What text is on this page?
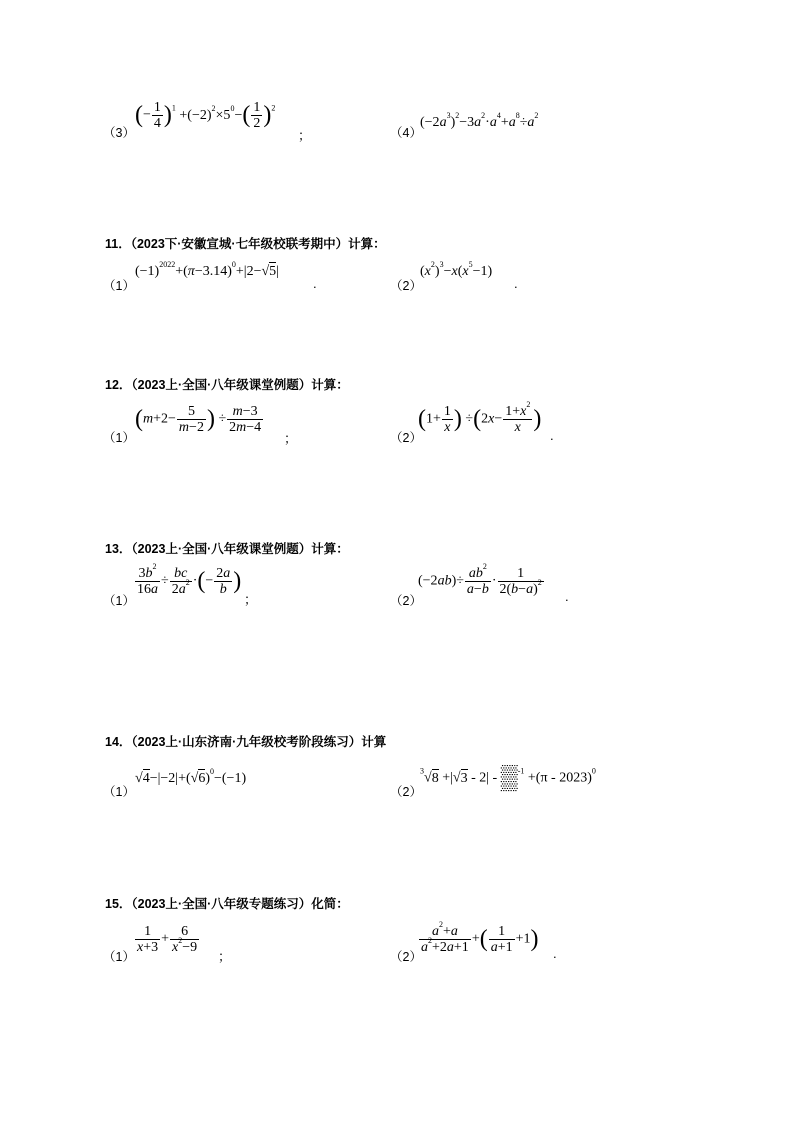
（3）
(− $\frac{1}{4} )^1 +(-2)^2\times 5^0-( \frac{1}{2} )^2$
；	（4）
$(-2a^3)^2-3a^2\cdot a^4+a^8\div a^2$
11．（2023下·安徽宣城·七年级校联考期中）计算：
（1）
$(-1)^{2022}+(\pi-3.14)^0+|2-√5|$
.	（2）
$(x^2)^3-x(x^5-1)$
.
12．（2023上·全国·八年级课堂例题）计算：
（1）
($m+2- \frac{5}{m-2}$ ) ÷ $\frac{m-3}{2m-4}$
；	（2）
($1+ \frac{1}{x}$ ) $\div(2x- \frac{1+x^2}{x}$ )
.
13．（2023上·全国·八年级课堂例题）计算：
（1）
$\frac{3b^2}{16a} \div \frac{bc}{2a^2}$ ·(− $\frac{2a}{b}$ )
；	（2）
$(-2ab)\div \frac{ab^2}{a-b} \cdot \frac{1}{2(b-a)^2}$ .
14．（2023上·山东济南·九年级校考阶段练习）计算
（1）
$√4-|-2|+(√6)^0-(-1)$
（2）
$^3$√8 +|√3 - 2| - ▒$^{-1}$ +(π - 2023)$^0$
15．（2023上·全国·八年级专题练习）化简：
（1）
$\frac{1}{x+3} + \frac{6}{x^2-9}$
；	（2）
$\frac{a^2+a}{a^2+2a+1}$ +( $\frac{1}{a+1} +1$)
.
